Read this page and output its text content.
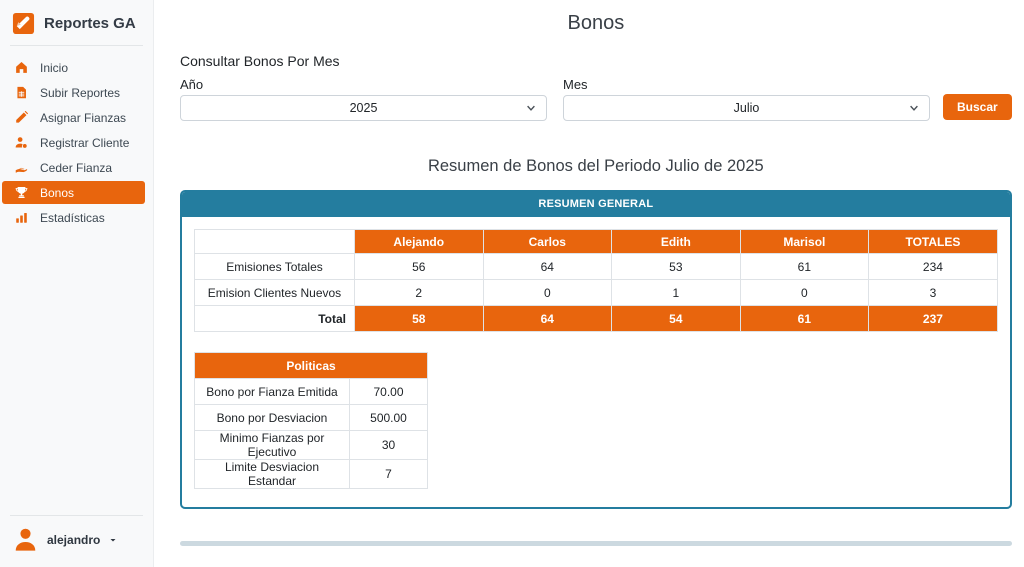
Reportes GA
Inicio
Subir Reportes
Asignar Fianzas
Registrar Cliente
Ceder Fianza
Bonos
Estadísticas
alejandro
Bonos
Consultar Bonos Por Mes
Año
2025	Mes
Julio
Buscar
Resumen de Bonos del Periodo Julio de 2025
RESUMEN GENERAL
	Alejando	Carlos	Edith	Marisol	TOTALES
Emisiones Totales	56	64	53	61	234
Emision Clientes Nuevos	2	0	1	0	3
Total	58	64	54	61	237
Politicas	
Bono por Fianza Emitida	70.00
Bono por Desviacion	500.00
Minimo Fianzas por Ejecutivo	30
Limite Desviacion Estandar	7
